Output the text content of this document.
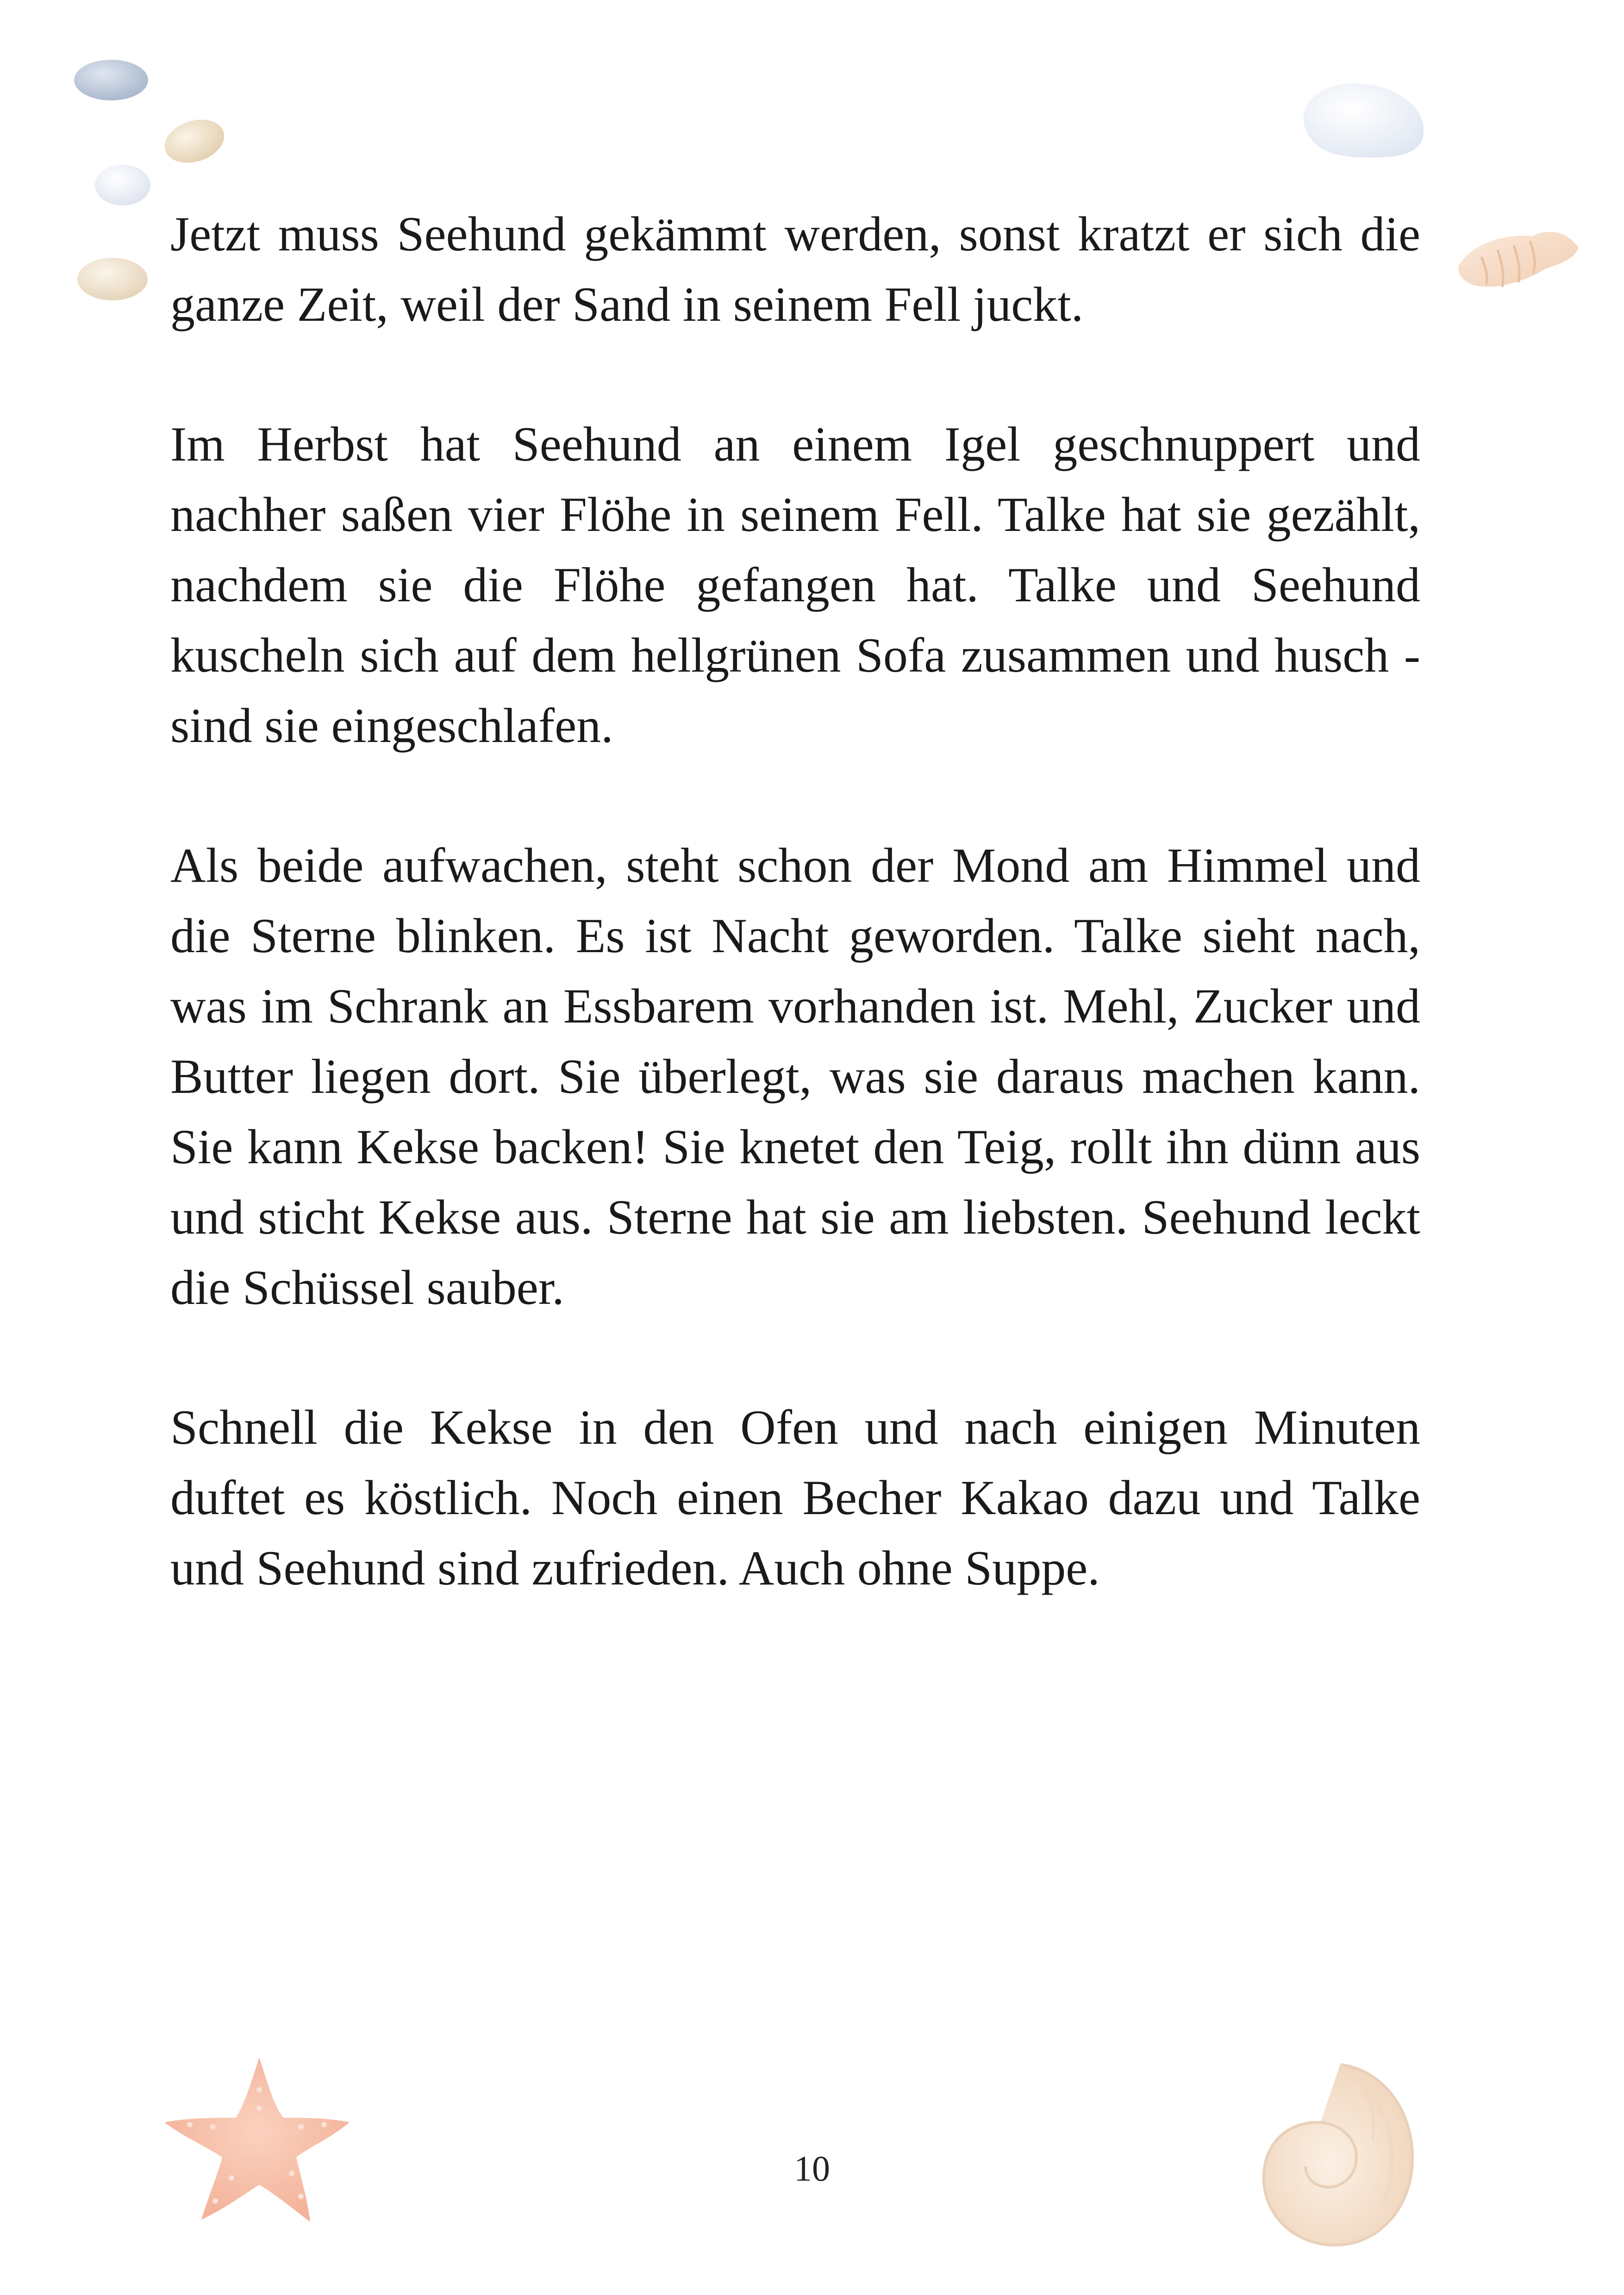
Jetzt muss Seehund gekämmt werden, sonst kratzt er sich die ganze Zeit, weil der Sand in seinem Fell juckt.

Im Herbst hat Seehund an einem Igel geschnuppert und nachher saßen vier Flöhe in seinem Fell. Talke hat sie gezählt, nachdem sie die Flöhe gefangen hat. Talke und Seehund kuscheln sich auf dem hellgrünen Sofa zusammen und husch - sind sie eingeschlafen.

Als beide aufwachen, steht schon der Mond am Himmel und die Sterne blinken. Es ist Nacht geworden. Talke sieht nach, was im Schrank an Essbarem vorhanden ist. Mehl, Zucker und Butter liegen dort. Sie überlegt, was sie daraus machen kann. Sie kann Kekse backen! Sie knetet den Teig, rollt ihn dünn aus und sticht Kekse aus. Sterne hat sie am liebsten. Seehund leckt die Schüssel sauber.

Schnell die Kekse in den Ofen und nach einigen Minuten duftet es köstlich. Noch einen Becher Kakao dazu und Talke und Seehund sind zufrieden. Auch ohne Suppe.

10
